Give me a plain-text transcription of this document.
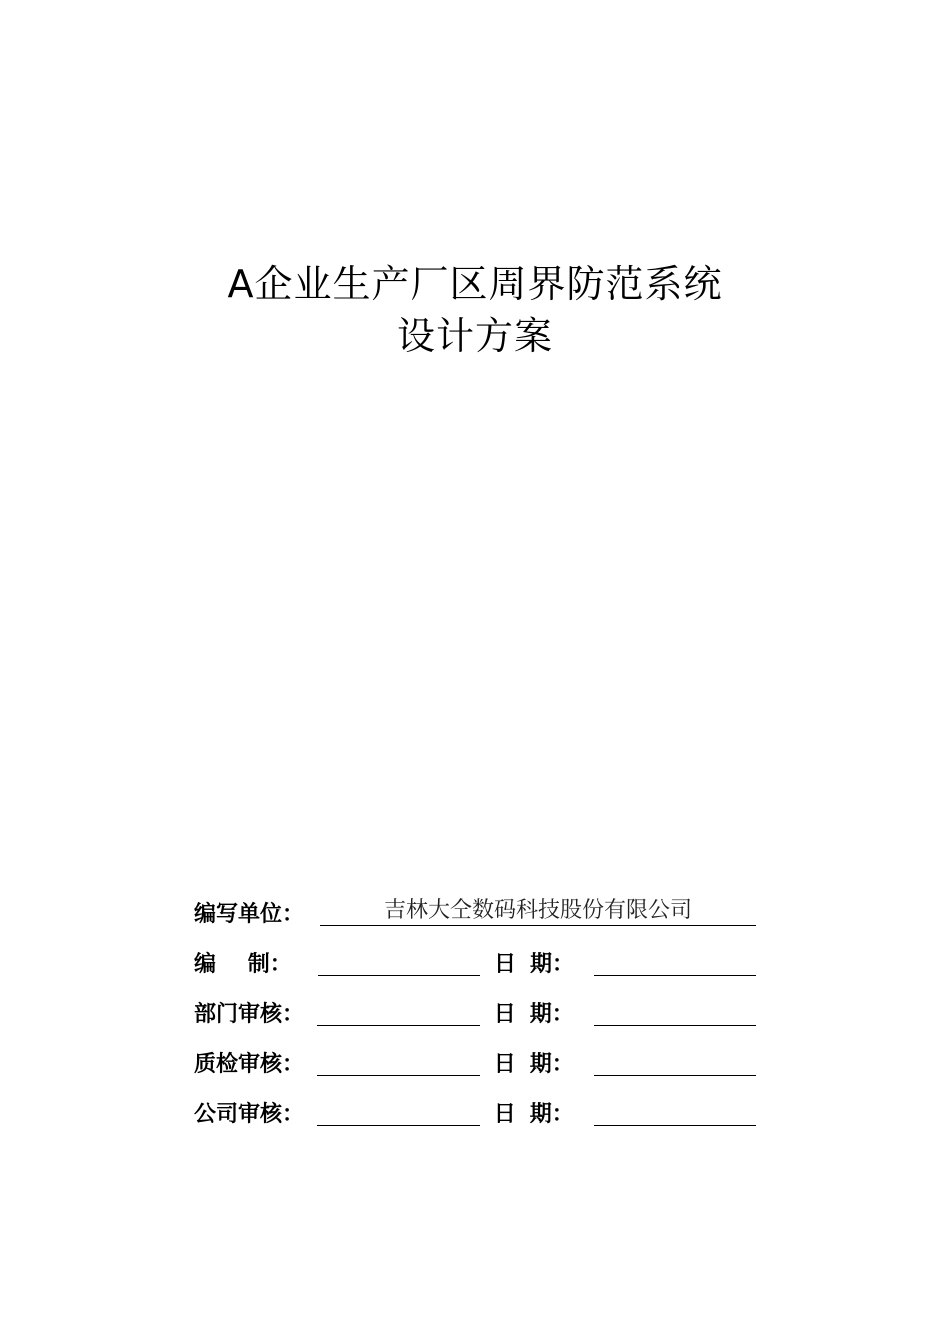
A企业生产厂区周界防范系统
设计方案
编写单位：	吉林大仝数码科技股份有限公司
编 制：	日 期：
部门审核：	日 期：
质检审核：	日 期：
公司审核：	日 期：
